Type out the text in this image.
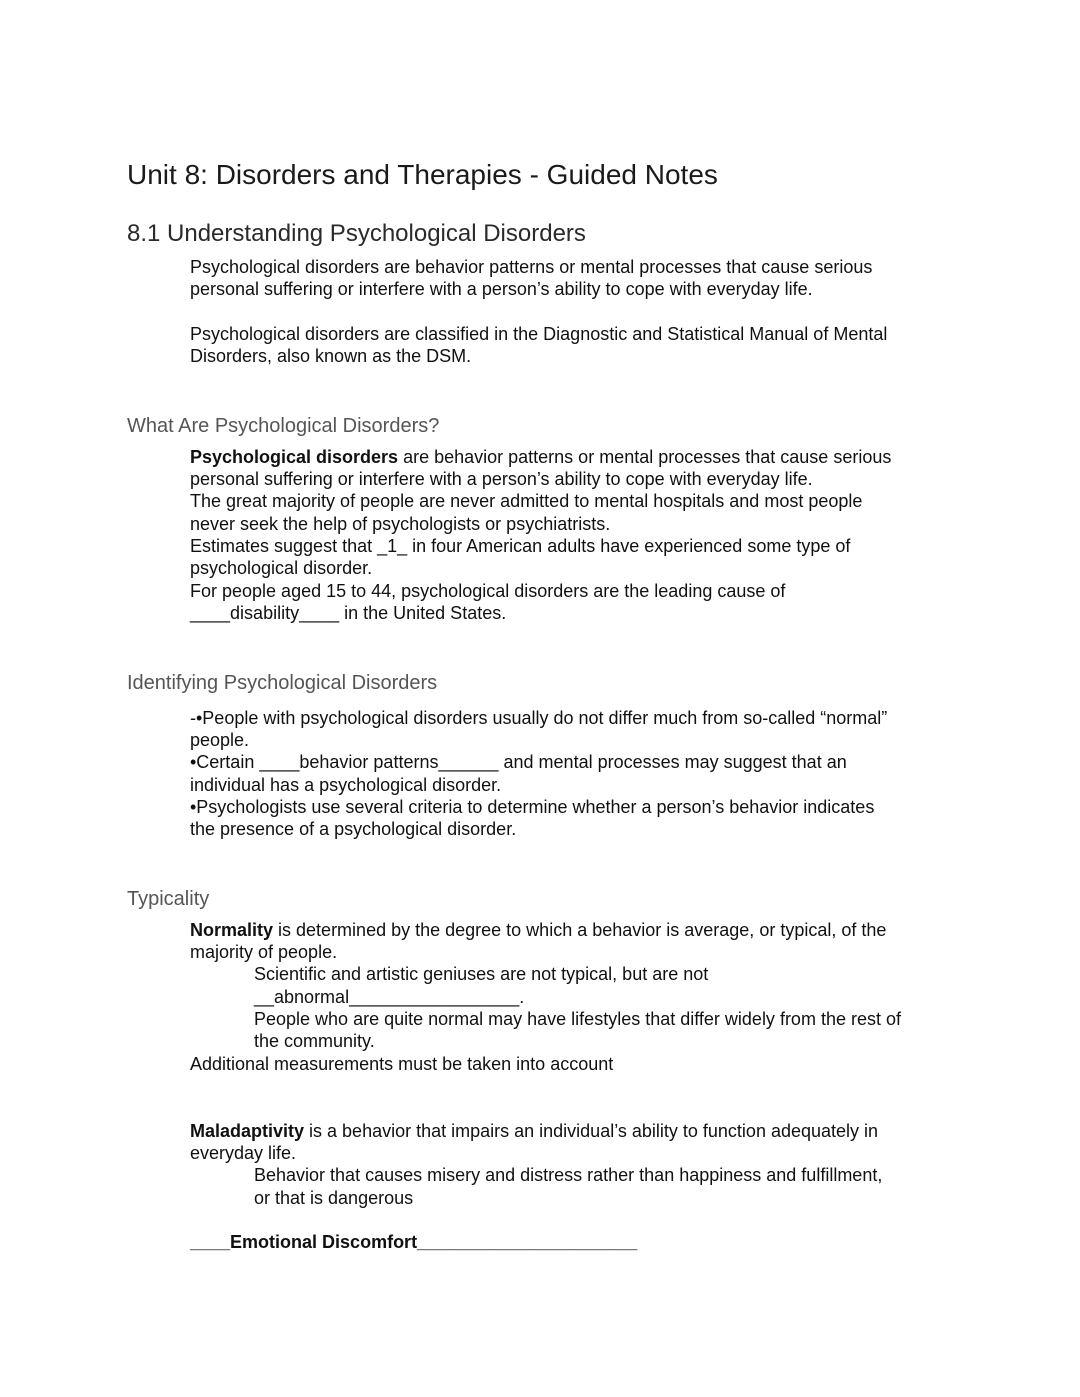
Unit 8: Disorders and Therapies - Guided Notes
8.1 Understanding Psychological Disorders
Psychological disorders are behavior patterns or mental processes that cause serious
personal suffering or interfere with a person’s ability to cope with everyday life.
Psychological disorders are classified in the Diagnostic and Statistical Manual of Mental
Disorders, also known as the DSM.
What Are Psychological Disorders?
Psychological disorders are behavior patterns or mental processes that cause serious
personal suffering or interfere with a person’s ability to cope with everyday life.
The great majority of people are never admitted to mental hospitals and most people
never seek the help of psychologists or psychiatrists.
Estimates suggest that _1_ in four American adults have experienced some type of
psychological disorder.
For people aged 15 to 44, psychological disorders are the leading cause of
____disability____ in the United States.
Identifying Psychological Disorders
-•People with psychological disorders usually do not differ much from so-called “normal”
people.
•Certain ____behavior patterns______ and mental processes may suggest that an
individual has a psychological disorder.
•Psychologists use several criteria to determine whether a person’s behavior indicates
the presence of a psychological disorder.
Typicality
Normality is determined by the degree to which a behavior is average, or typical, of the
majority of people.
Scientific and artistic geniuses are not typical, but are not
__abnormal_________________.
People who are quite normal may have lifestyles that differ widely from the rest of
the community.
Additional measurements must be taken into account
Maladaptivity is a behavior that impairs an individual’s ability to function adequately in
everyday life.
Behavior that causes misery and distress rather than happiness and fulfillment,
or that is dangerous
____Emotional Discomfort______________________
